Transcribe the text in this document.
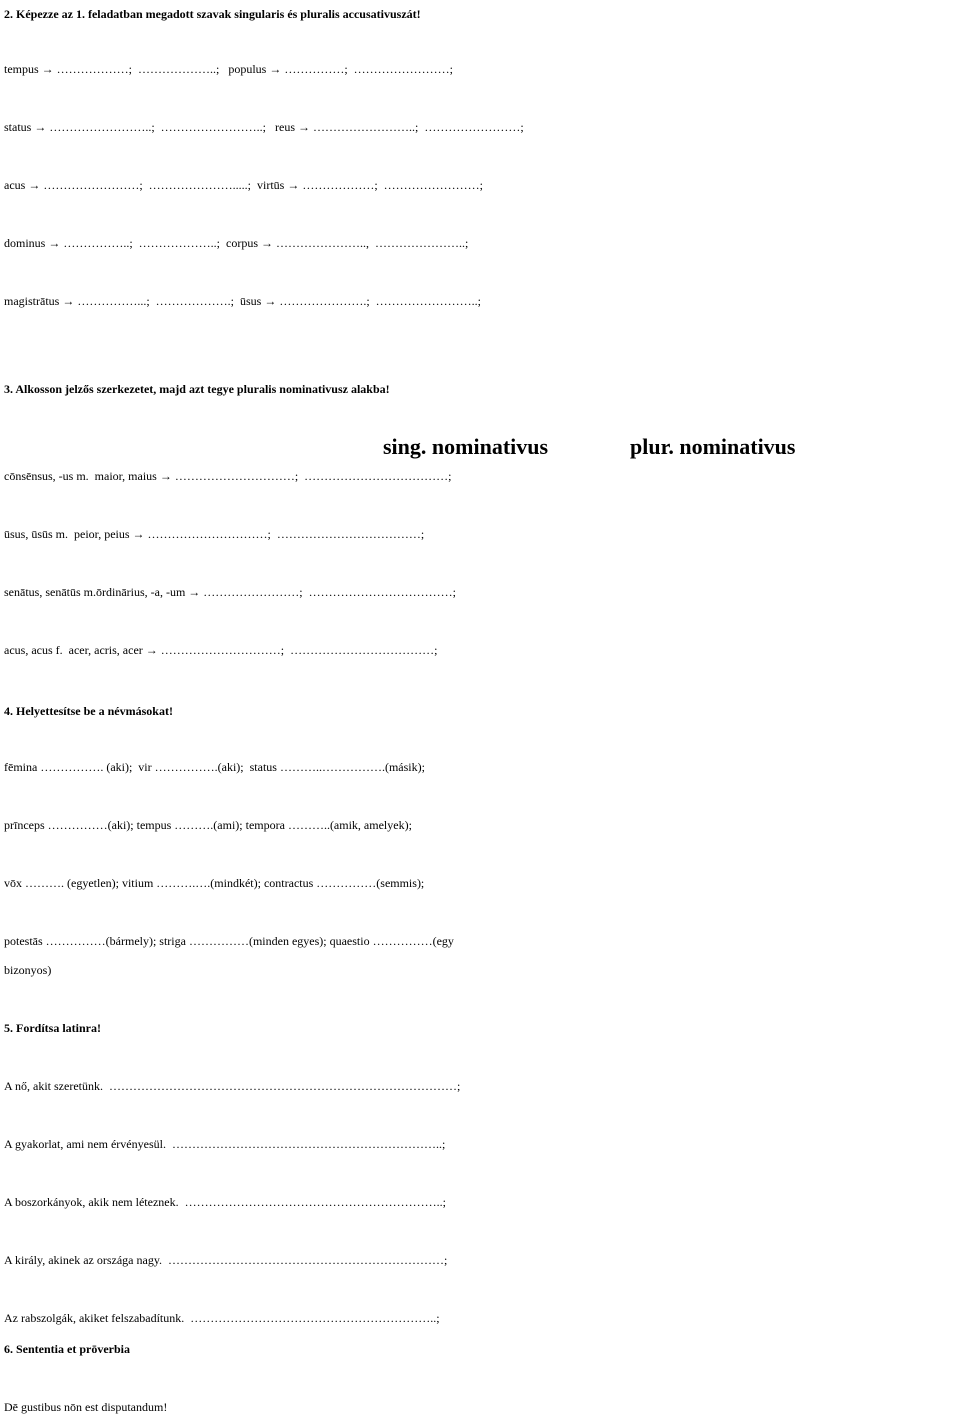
2. Képezze az 1. feladatban megadott szavak singularis és pluralis accusativuszát!
tempus → ………………;  ………………..;   populus → ……………;  ……………………;
status → ……………………..;  ……………………..;   reus → ……………………..;  ……………………;
acus → ……………………;  ………………….....;  virtūs → ………………;  ……………………;
dominus → ……………..;  ………………..;  corpus → …………………..,  …………………..;
magistrātus → ……………...;  ……………….;  ūsus → ………………….;  ……………………..;
3. Alkosson jelzős szerkezetet, majd azt tegye pluralis nominativusz alakba!
sing. nominativus	plur. nominativus
cōnsēnsus, -us m.  maior, maius → …………………………;  ………………………………;
ūsus, ūsūs m.  peior, peius → …………………………;  ………………………………;
senātus, senātūs m.ōrdinārius, -a, -um → ……………………;  ………………………………;
acus, acus f.  acer, acris, acer → …………………………;  ………………………………;
4. Helyettesítse be a névmásokat!
fēmina ……………. (aki);  vir …………….(aki);  status ………..…………….(másik);
prīnceps ……………(aki); tempus ……….(ami); tempora ………..(amik, amelyek);
vōx ………. (egyetlen); vitium ……….….(mindkét); contractus ……………(semmis);
potestās ……………(bármely); striga ……………(minden egyes); quaestio ……………(egy
bizonyos)
5. Fordítsa latinra!
A nő, akit szeretünk.  ……………………………………………………………………………;
A gyakorlat, ami nem érvényesül.  …………………………………………………………..;
A boszorkányok, akik nem léteznek.  ………………………………………………………..;
A király, akinek az országa nagy.  ……………………………………………………………;
Az rabszolgák, akiket felszabadítunk.  ……………………………………………………..;
6. Sententia et prōverbia
Dē gustibus nōn est disputandum!
